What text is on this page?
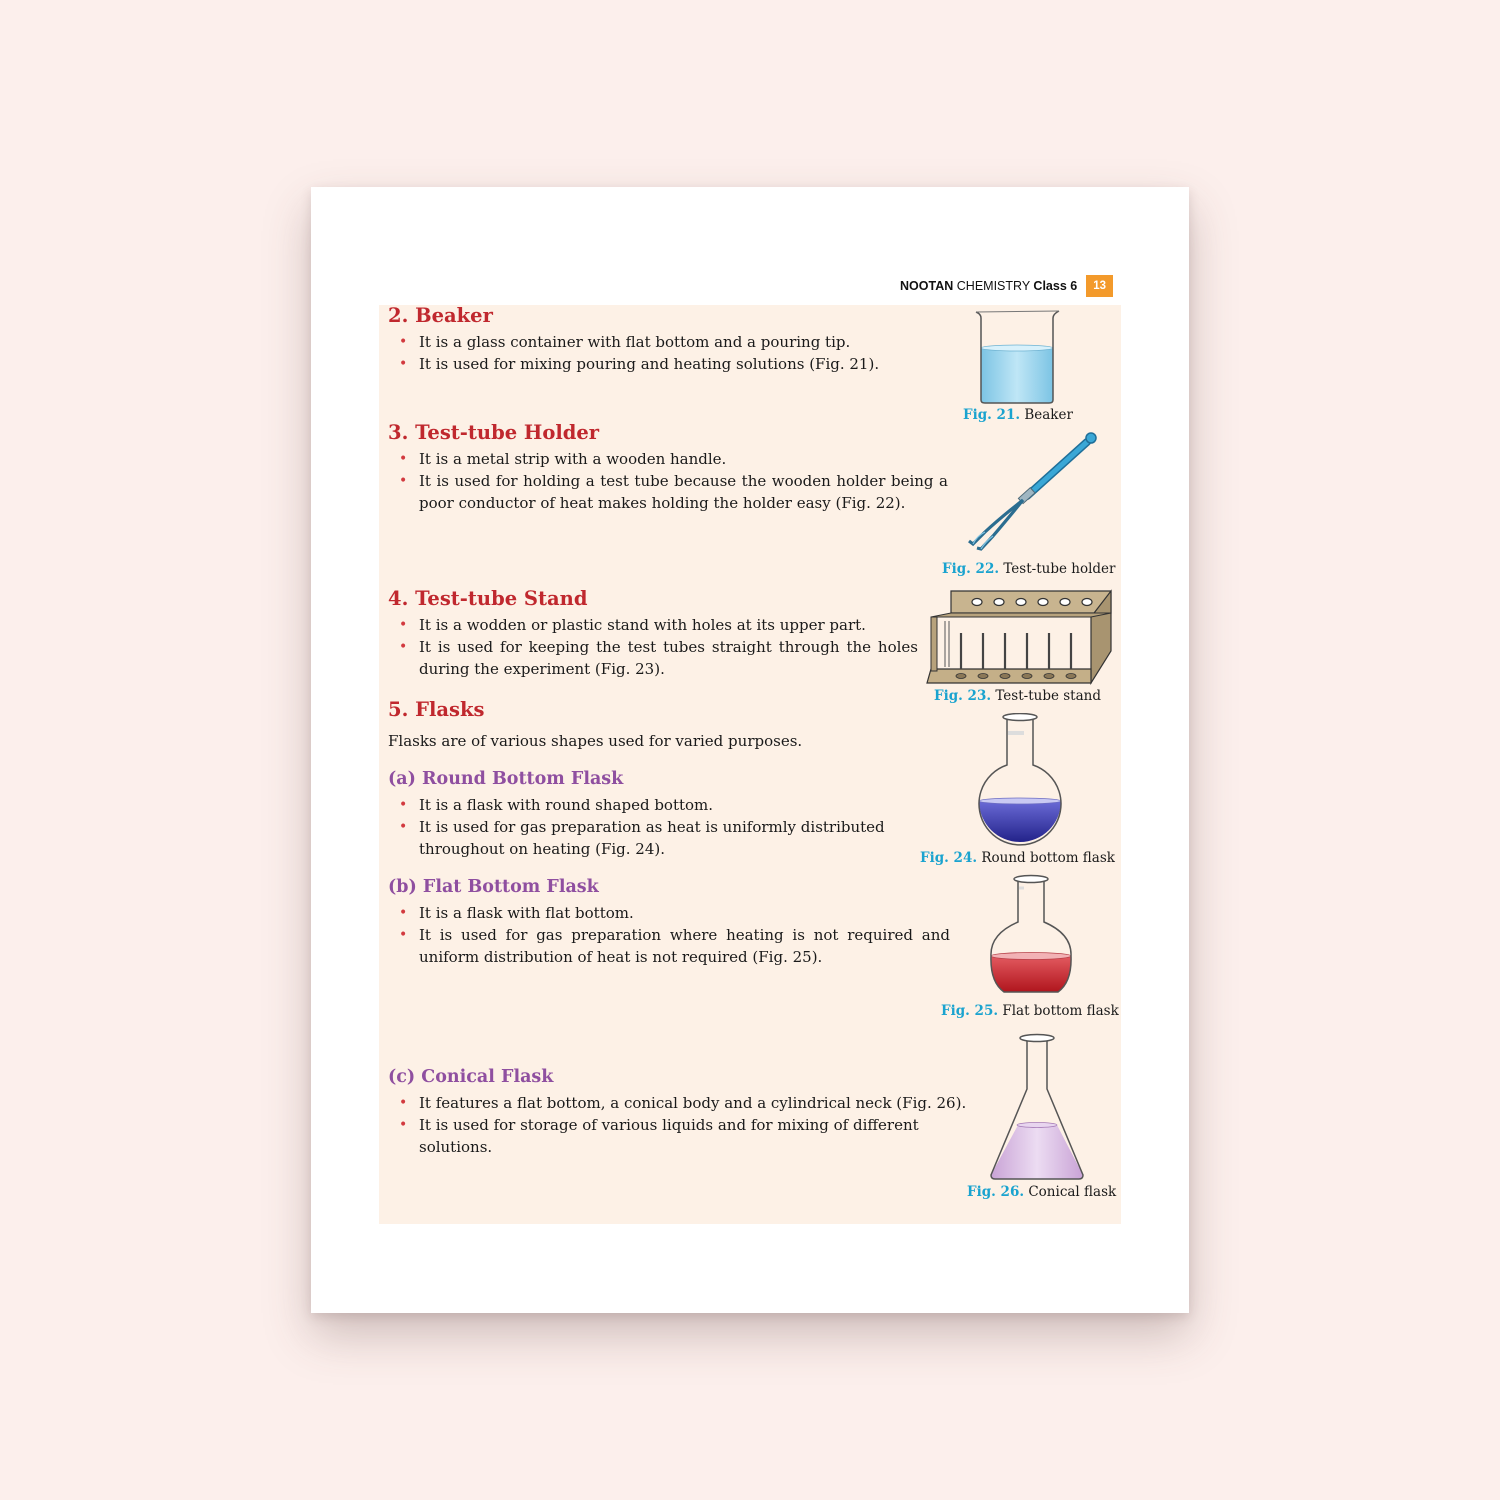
NOOTAN CHEMISTRY Class 6	13
2. Beaker
• It is a glass container with flat bottom and a pouring tip.
• It is used for mixing pouring and heating solutions (Fig. 21).
3. Test-tube Holder
• It is a metal strip with a wooden handle.
• It is used for holding a test tube because the wooden holder being a poor conductor of heat makes holding the holder easy (Fig. 22).
4. Test-tube Stand
• It is a wodden or plastic stand with holes at its upper part.
• It is used for keeping the test tubes straight through the holes during the experiment (Fig. 23).
5. Flasks

Flasks are of various shapes used for varied purposes.

(a) Round Bottom Flask
• It is a flask with round shaped bottom.
• It is used for gas preparation as heat is uniformly distributed throughout on heating (Fig. 24).
(b) Flat Bottom Flask
• It is a flask with flat bottom.
• It is used for gas preparation where heating is not required and uniform distribution of heat is not required (Fig. 25).
(c) Conical Flask
• It features a flat bottom, a conical body and a cylindrical neck (Fig. 26).
• It is used for storage of various liquids and for mixing of different solutions.
Fig. 21. Beaker
Fig. 22. Test-tube holder
Fig. 23. Test-tube stand
Fig. 24. Round bottom flask
Fig. 25. Flat bottom flask
Fig. 26. Conical flask
